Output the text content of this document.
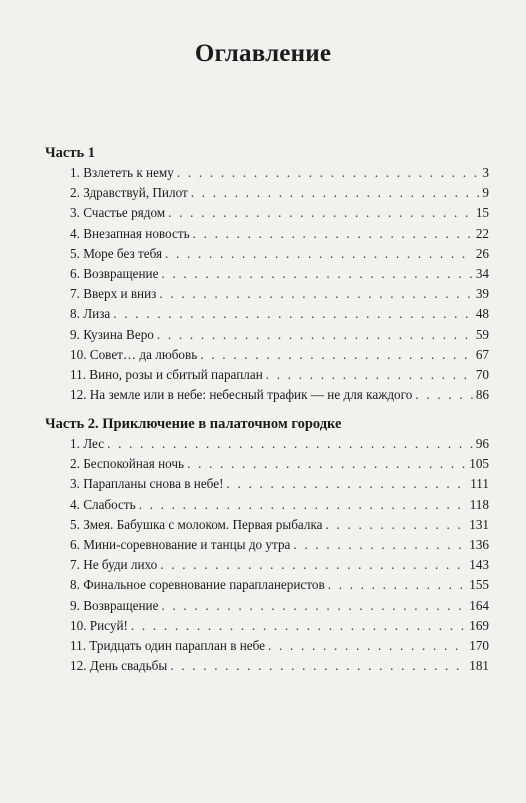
Оглавление
Часть 1
1. Взлететь к нему . . .	3
2. Здравствуй, Пилот . . .	9
3. Счастье рядом . . .	15
4. Внезапная новость . . .	22
5. Море без тебя . . .	26
6. Возвращение . . .	34
7. Вверх и вниз . . .	39
8. Лиза . . .	48
9. Кузина Веро . . .	59
10. Совет… да любовь . . .	67
11. Вино, розы и сбитый параплан . . .	70
12. На земле или в небе: небесный трафик — не для каждого . . .	86
Часть 2. Приключение в палаточном городке
1. Лес . . .	96
2. Беспокойная ночь . . .	105
3. Парапланы снова в небе! . . .	111
4. Слабость . . .	118
5. Змея. Бабушка с молоком. Первая рыбалка . . .	131
6. Мини-соревнование и танцы до утра . . .	136
7. Не буди лихо . . .	143
8. Финальное соревнование парапланеристов . . .	155
9. Возвращение . . .	164
10. Рисуй! . . .	169
11. Тридцать один параплан в небе . . .	170
12. День свадьбы . . .	181
